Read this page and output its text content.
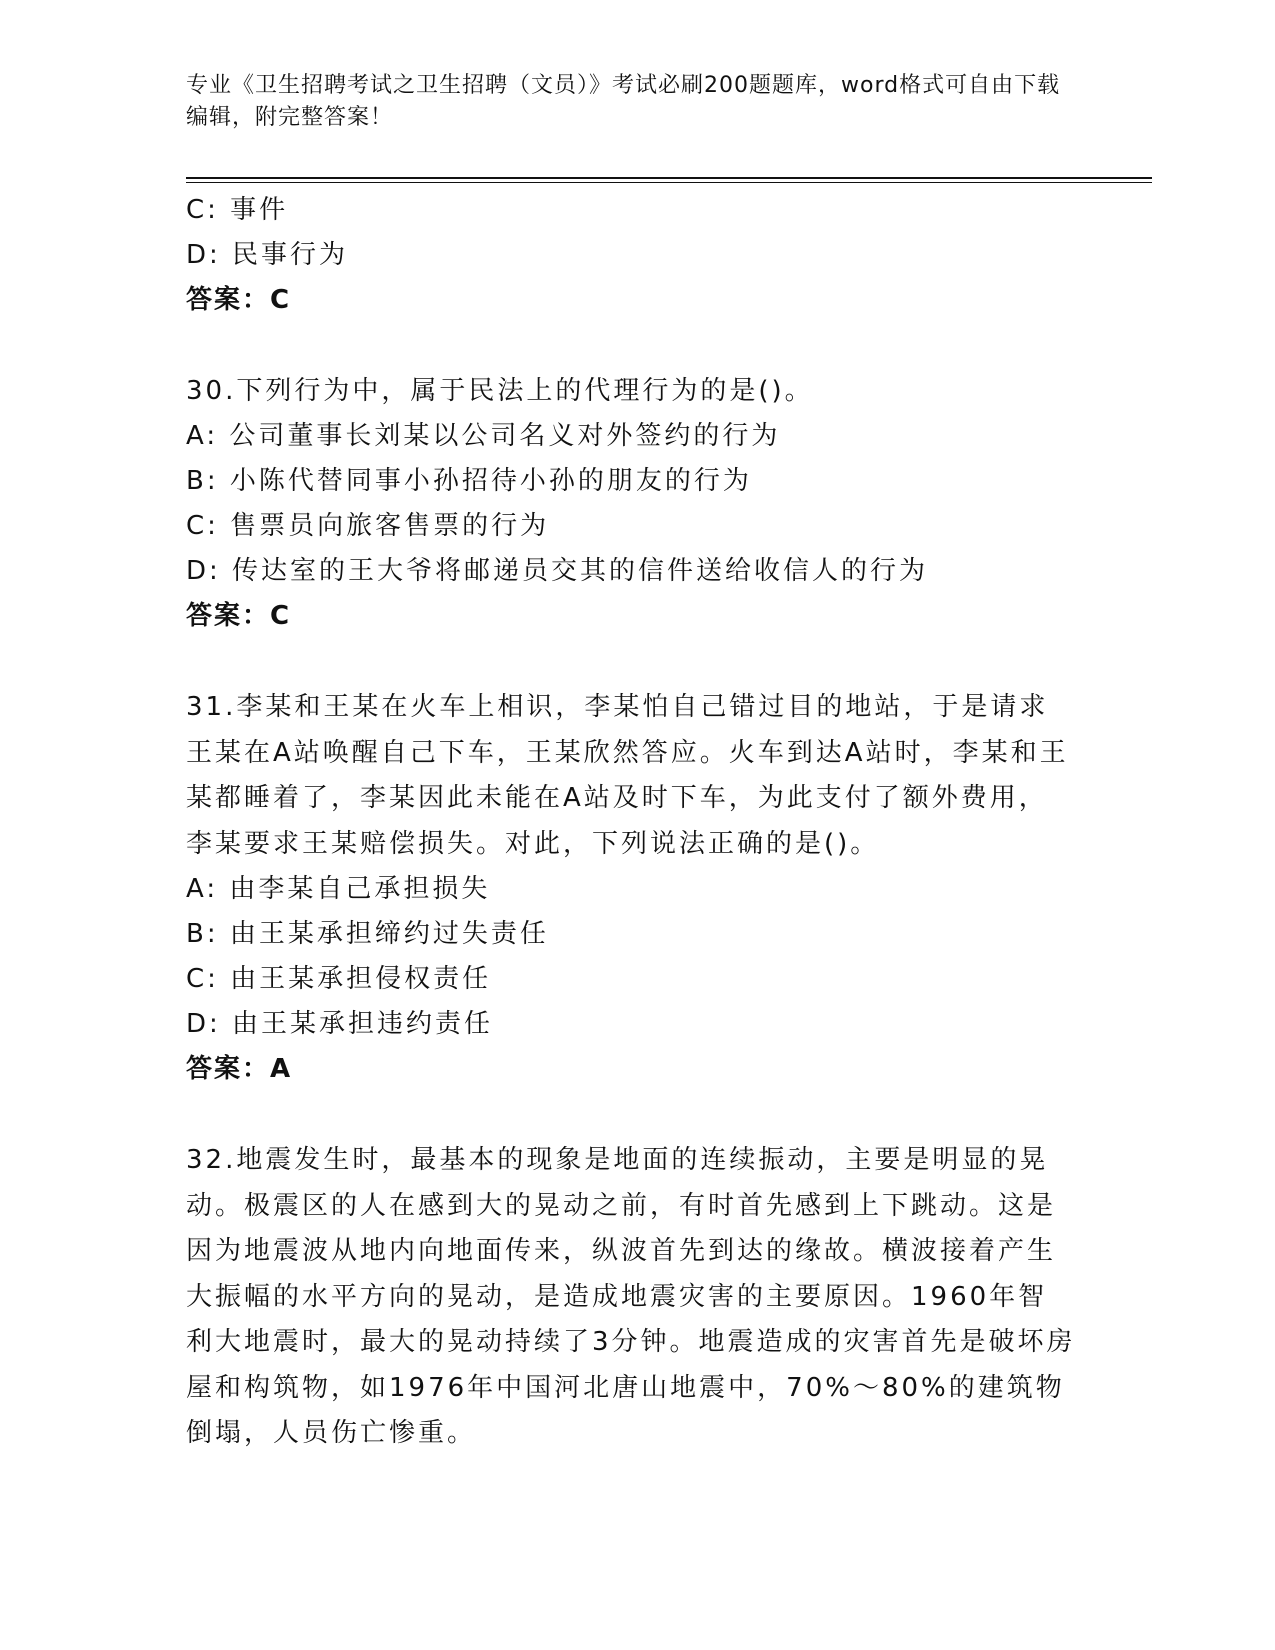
专业《卫生招聘考试之卫生招聘（文员）》考试必刷200题题库，word格式可自由下载编辑，附完整答案！
C: 事件
D: 民事行为
答案：C
30.下列行为中，属于民法上的代理行为的是()。
A: 公司董事长刘某以公司名义对外签约的行为
B: 小陈代替同事小孙招待小孙的朋友的行为
C: 售票员向旅客售票的行为
D: 传达室的王大爷将邮递员交其的信件送给收信人的行为
答案：C
31.李某和王某在火车上相识，李某怕自己错过目的地站，于是请求王某在A站唤醒自己下车，王某欣然答应。火车到达A站时，李某和王某都睡着了，李某因此未能在A站及时下车，为此支付了额外费用，李某要求王某赔偿损失。对此，下列说法正确的是()。
A: 由李某自己承担损失
B: 由王某承担缔约过失责任
C: 由王某承担侵权责任
D: 由王某承担违约责任
答案：A
32.地震发生时，最基本的现象是地面的连续振动，主要是明显的晃动。极震区的人在感到大的晃动之前，有时首先感到上下跳动。这是因为地震波从地内向地面传来，纵波首先到达的缘故。横波接着产生大振幅的水平方向的晃动，是造成地震灾害的主要原因。1960年智利大地震时，最大的晃动持续了3分钟。地震造成的灾害首先是破坏房屋和构筑物，如1976年中国河北唐山地震中，70%～80%的建筑物倒塌，人员伤亡惨重。
